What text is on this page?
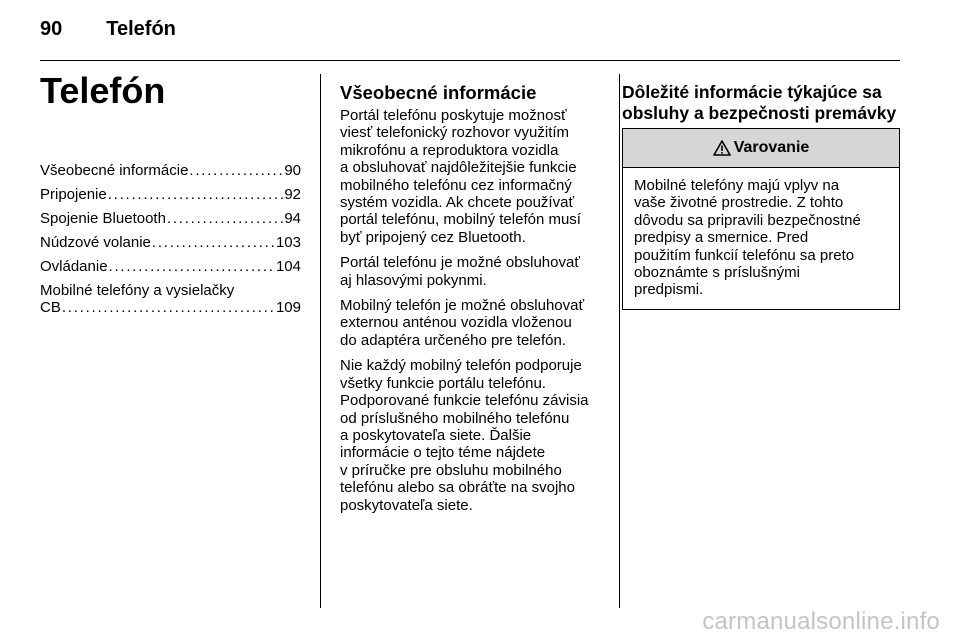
90 Telefón
Telefón
Všeobecné informácie . . .	90
Pripojenie . . .	92
Spojenie Bluetooth . . .	94
Núdzové volanie . . .	103
Ovládanie . . .	104
Mobilné telefóny a vysielačky
CB . . .	109
Všeobecné informácie

Portál telefónu poskytuje možnosť
viesť telefonický rozhovor využitím
mikrofónu a reproduktora vozidla
a obsluhovať najdôležitejšie funkcie
mobilného telefónu cez informačný
systém vozidla. Ak chcete používať
portál telefónu, mobilný telefón musí
byť pripojený cez Bluetooth.

Portál telefónu je možné obsluhovať
aj hlasovými pokynmi.

Mobilný telefón je možné obsluhovať
externou anténou vozidla vloženou
do adaptéra určeného pre telefón.

Nie každý mobilný telefón podporuje
všetky funkcie portálu telefónu.

Podporované funkcie telefónu závisia
od príslušného mobilného telefónu
a poskytovateľa siete. Ďalšie
informácie o tejto téme nájdete
v príručke pre obsluhu mobilného
telefónu alebo sa obráťte na svojho
poskytovateľa siete.

Dôležité informácie týkajúce sa
obsluhy a bezpečnosti premávky
Varovanie
Mobilné telefóny majú vplyv na
vaše životné prostredie. Z tohto
dôvodu sa pripravili bezpečnostné
predpisy a smernice. Pred
použitím funkcií telefónu sa preto
oboznámte s príslušnými
predpismi.
carmanualsonline.info
